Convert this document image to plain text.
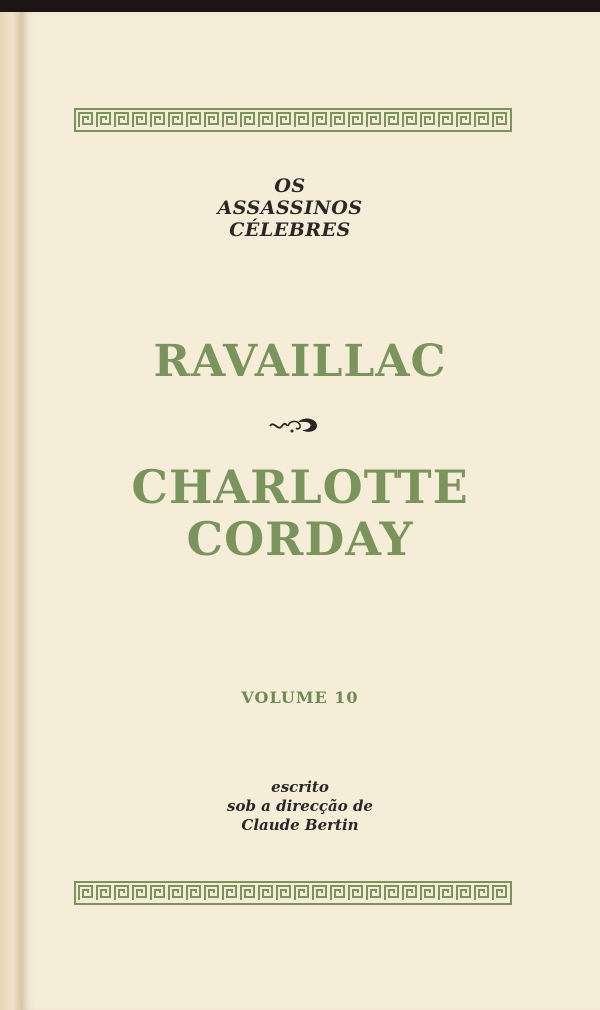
OS
ASSASSINOS
CÉLEBRES
RAVAILLAC
CHARLOTTE
CORDAY
VOLUME 10
escrito
sob a direcção de
Claude Bertin
